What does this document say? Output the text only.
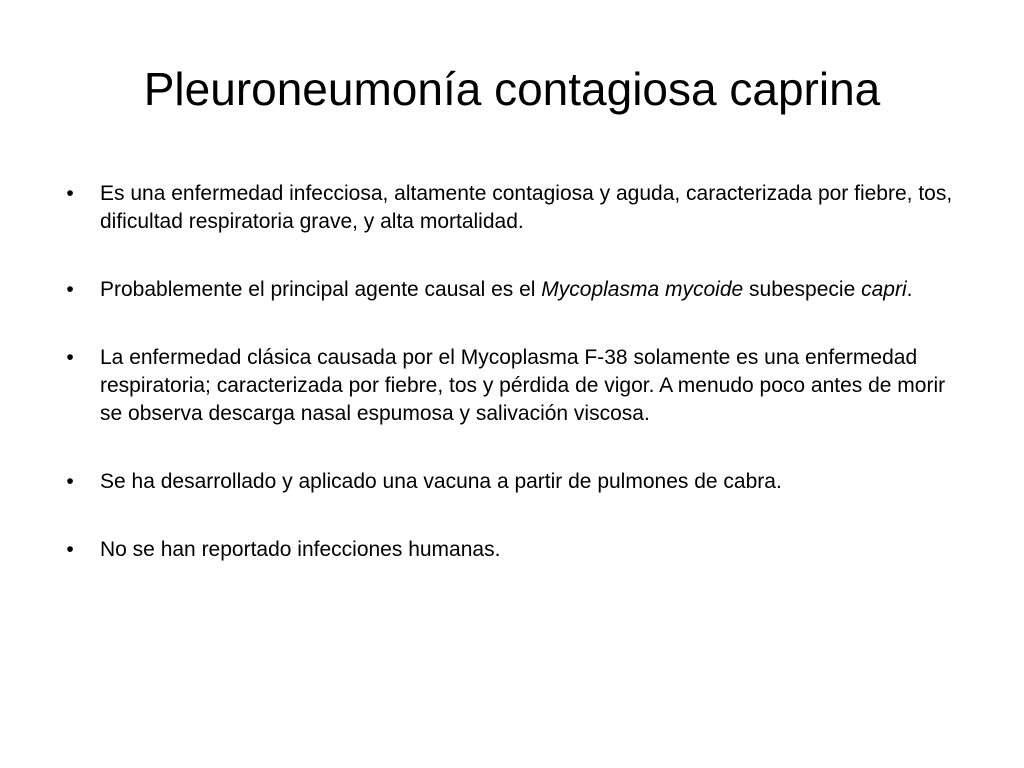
Pleuroneumonía contagiosa caprina
•	Es una enfermedad infecciosa, altamente contagiosa y aguda, caracterizada por fiebre, tos, dificultad respiratoria grave, y alta mortalidad.
•	Probablemente el principal agente causal es el Mycoplasma mycoide subespecie capri.
•	La enfermedad clásica causada por el Mycoplasma F-38 solamente es una enfermedad respiratoria; caracterizada por fiebre, tos y pérdida de vigor. A menudo poco antes de morir se observa descarga nasal espumosa y salivación viscosa.
•	Se ha desarrollado y aplicado una vacuna a partir de pulmones de cabra.
•	No se han reportado infecciones humanas.
